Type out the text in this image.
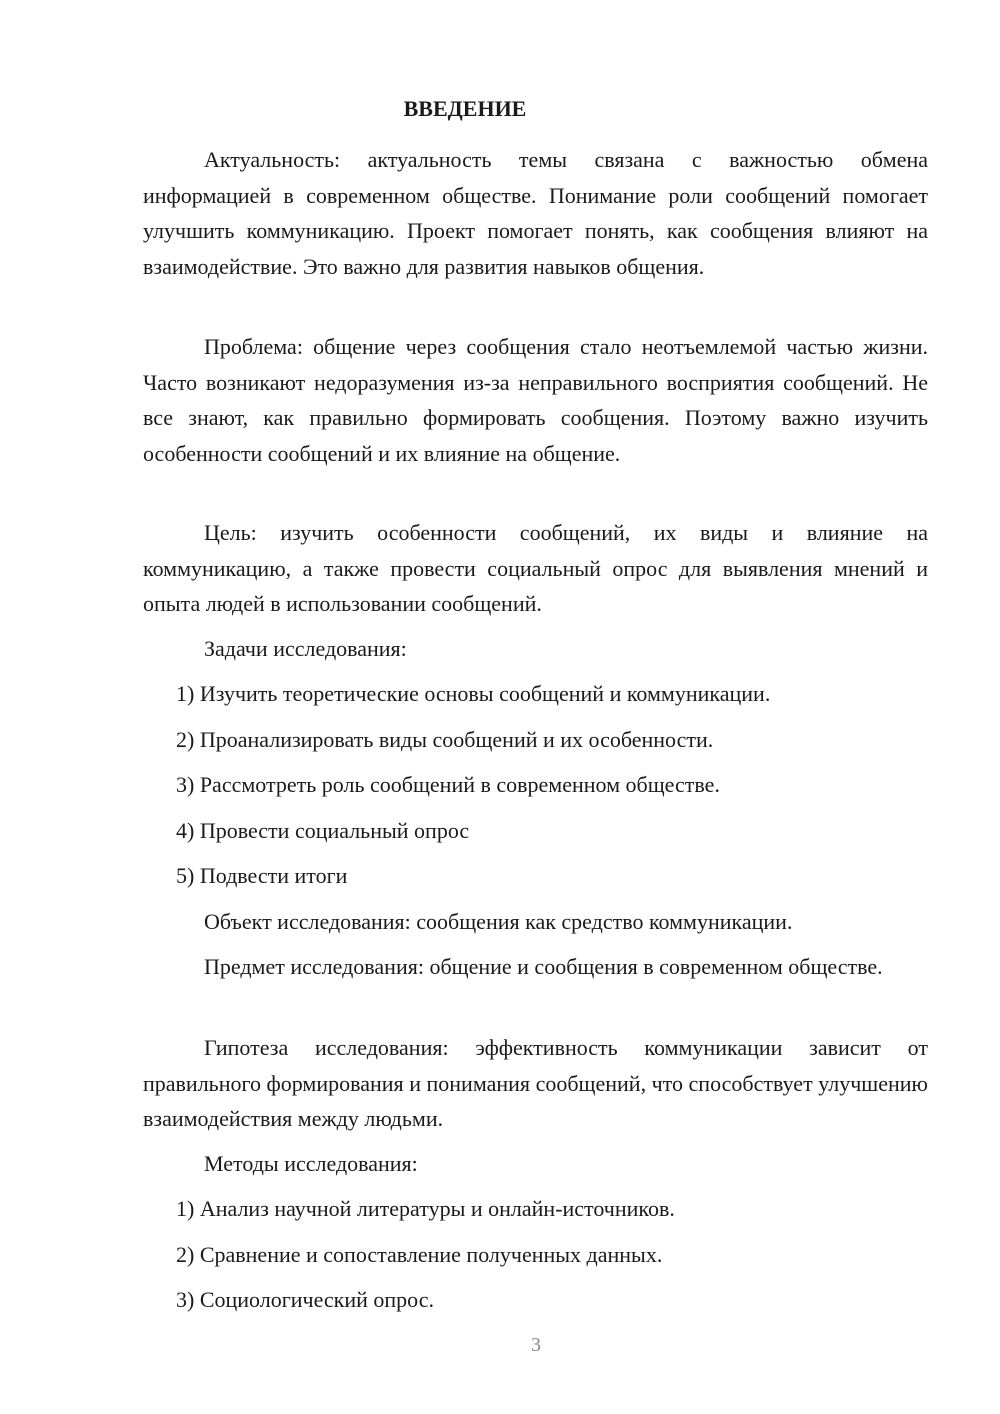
ВВЕДЕНИЕ

Актуальность: актуальность темы связана с важностью обмена информацией в современном обществе. Понимание роли сообщений помогает улучшить коммуникацию. Проект помогает понять, как сообщения влияют на взаимодействие. Это важно для развития навыков общения.

Проблема: общение через сообщения стало неотъемлемой частью жизни. Часто возникают недоразумения из-за неправильного восприятия сообщений. Не все знают, как правильно формировать сообщения. Поэтому важно изучить особенности сообщений и их влияние на общение.

Цель: изучить особенности сообщений, их виды и влияние на коммуникацию, а также провести социальный опрос для выявления мнений и опыта людей в использовании сообщений.

Задачи исследования:
1) Изучить теоретические основы сообщений и коммуникации.
2) Проанализировать виды сообщений и их особенности.
3) Рассмотреть роль сообщений в современном обществе.
4) Провести социальный опрос
5) Подвести итоги
Объект исследования: сообщения как средство коммуникации.

Предмет исследования: общение и сообщения в современном обществе.

Гипотеза исследования: эффективность коммуникации зависит от правильного формирования и понимания сообщений, что способствует улучшению взаимодействия между людьми.

Методы исследования:
1) Анализ научной литературы и онлайн-источников.
2) Сравнение и сопоставление полученных данных.
3) Социологический опрос.
3
